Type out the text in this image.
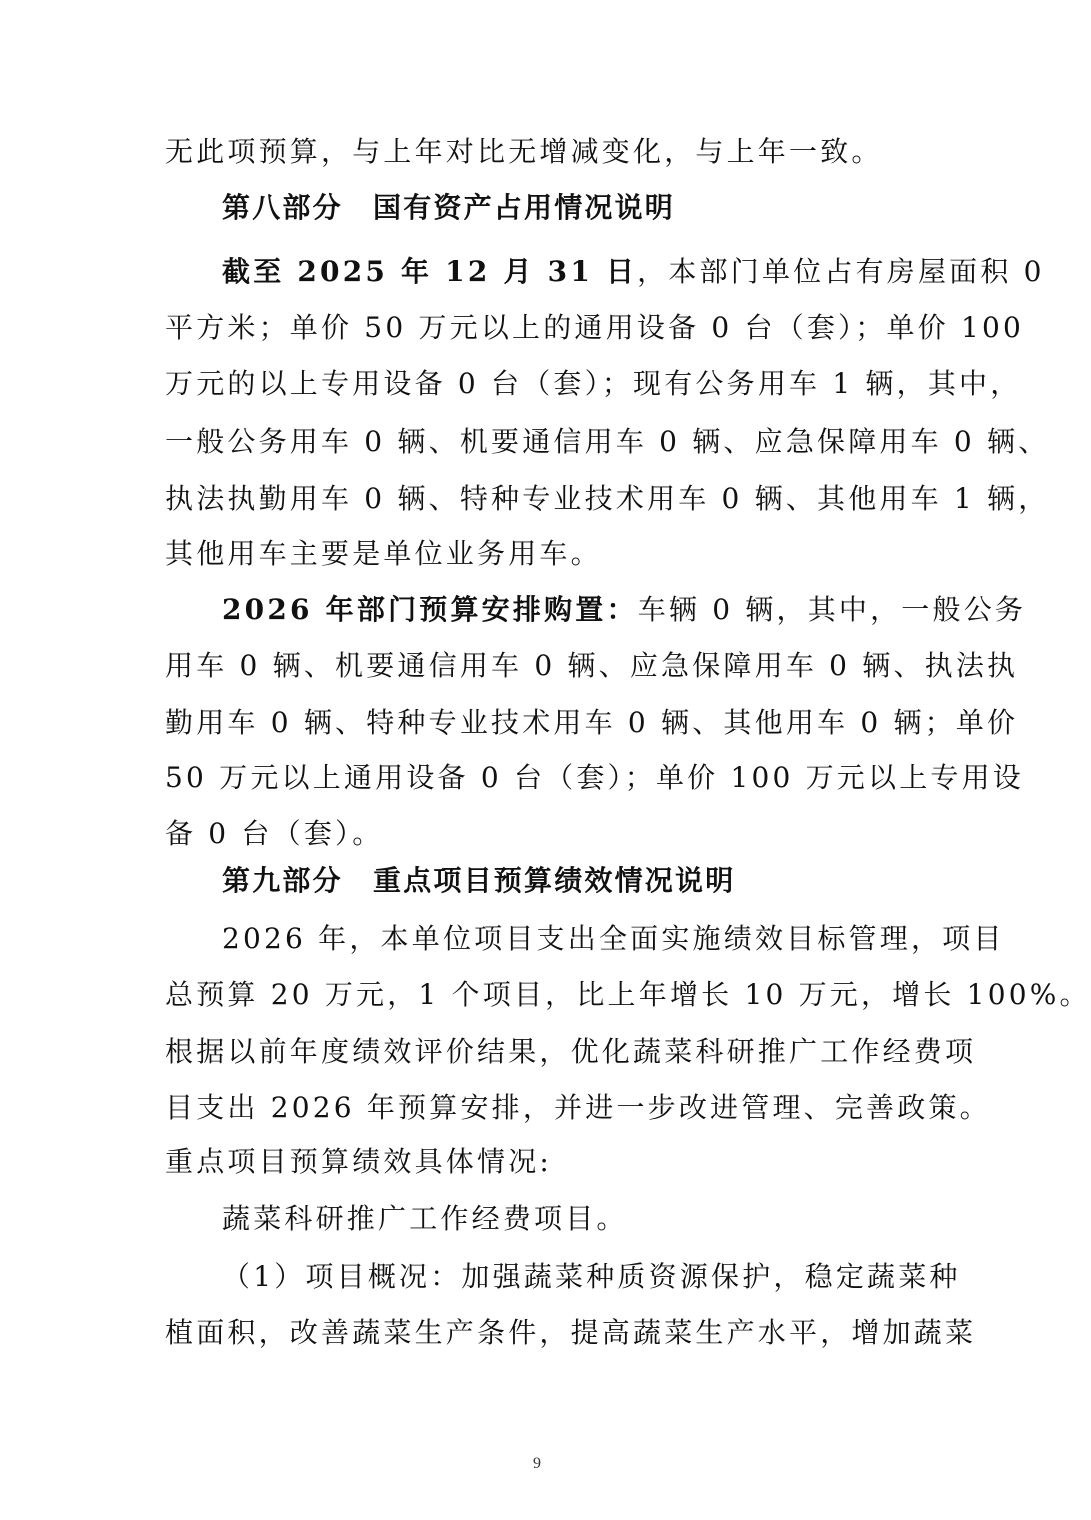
无此项预算，与上年对比无增减变化，与上年一致。
第八部分　国有资产占用情况说明
截至 2025 年 12 月 31 日，本部门单位占有房屋面积 0
平方米；单价 50 万元以上的通用设备 0 台（套）；单价 100
万元的以上专用设备 0 台（套）；现有公务用车 1 辆，其中，
一般公务用车 0 辆、机要通信用车 0 辆、应急保障用车 0 辆、
执法执勤用车 0 辆、特种专业技术用车 0 辆、其他用车 1 辆，
其他用车主要是单位业务用车。
2026 年部门预算安排购置：车辆 0 辆，其中，一般公务
用车 0 辆、机要通信用车 0 辆、应急保障用车 0 辆、执法执
勤用车 0 辆、特种专业技术用车 0 辆、其他用车 0 辆；单价
50 万元以上通用设备 0 台（套）；单价 100 万元以上专用设
备 0 台（套）。
第九部分　重点项目预算绩效情况说明
2026 年，本单位项目支出全面实施绩效目标管理，项目
总预算 20 万元，1 个项目，比上年增长 10 万元，增长 100%。
根据以前年度绩效评价结果，优化蔬菜科研推广工作经费项
目支出 2026 年预算安排，并进一步改进管理、完善政策。
重点项目预算绩效具体情况:
蔬菜科研推广工作经费项目。
（1）项目概况：加强蔬菜种质资源保护，稳定蔬菜种
植面积，改善蔬菜生产条件，提高蔬菜生产水平，增加蔬菜
9
